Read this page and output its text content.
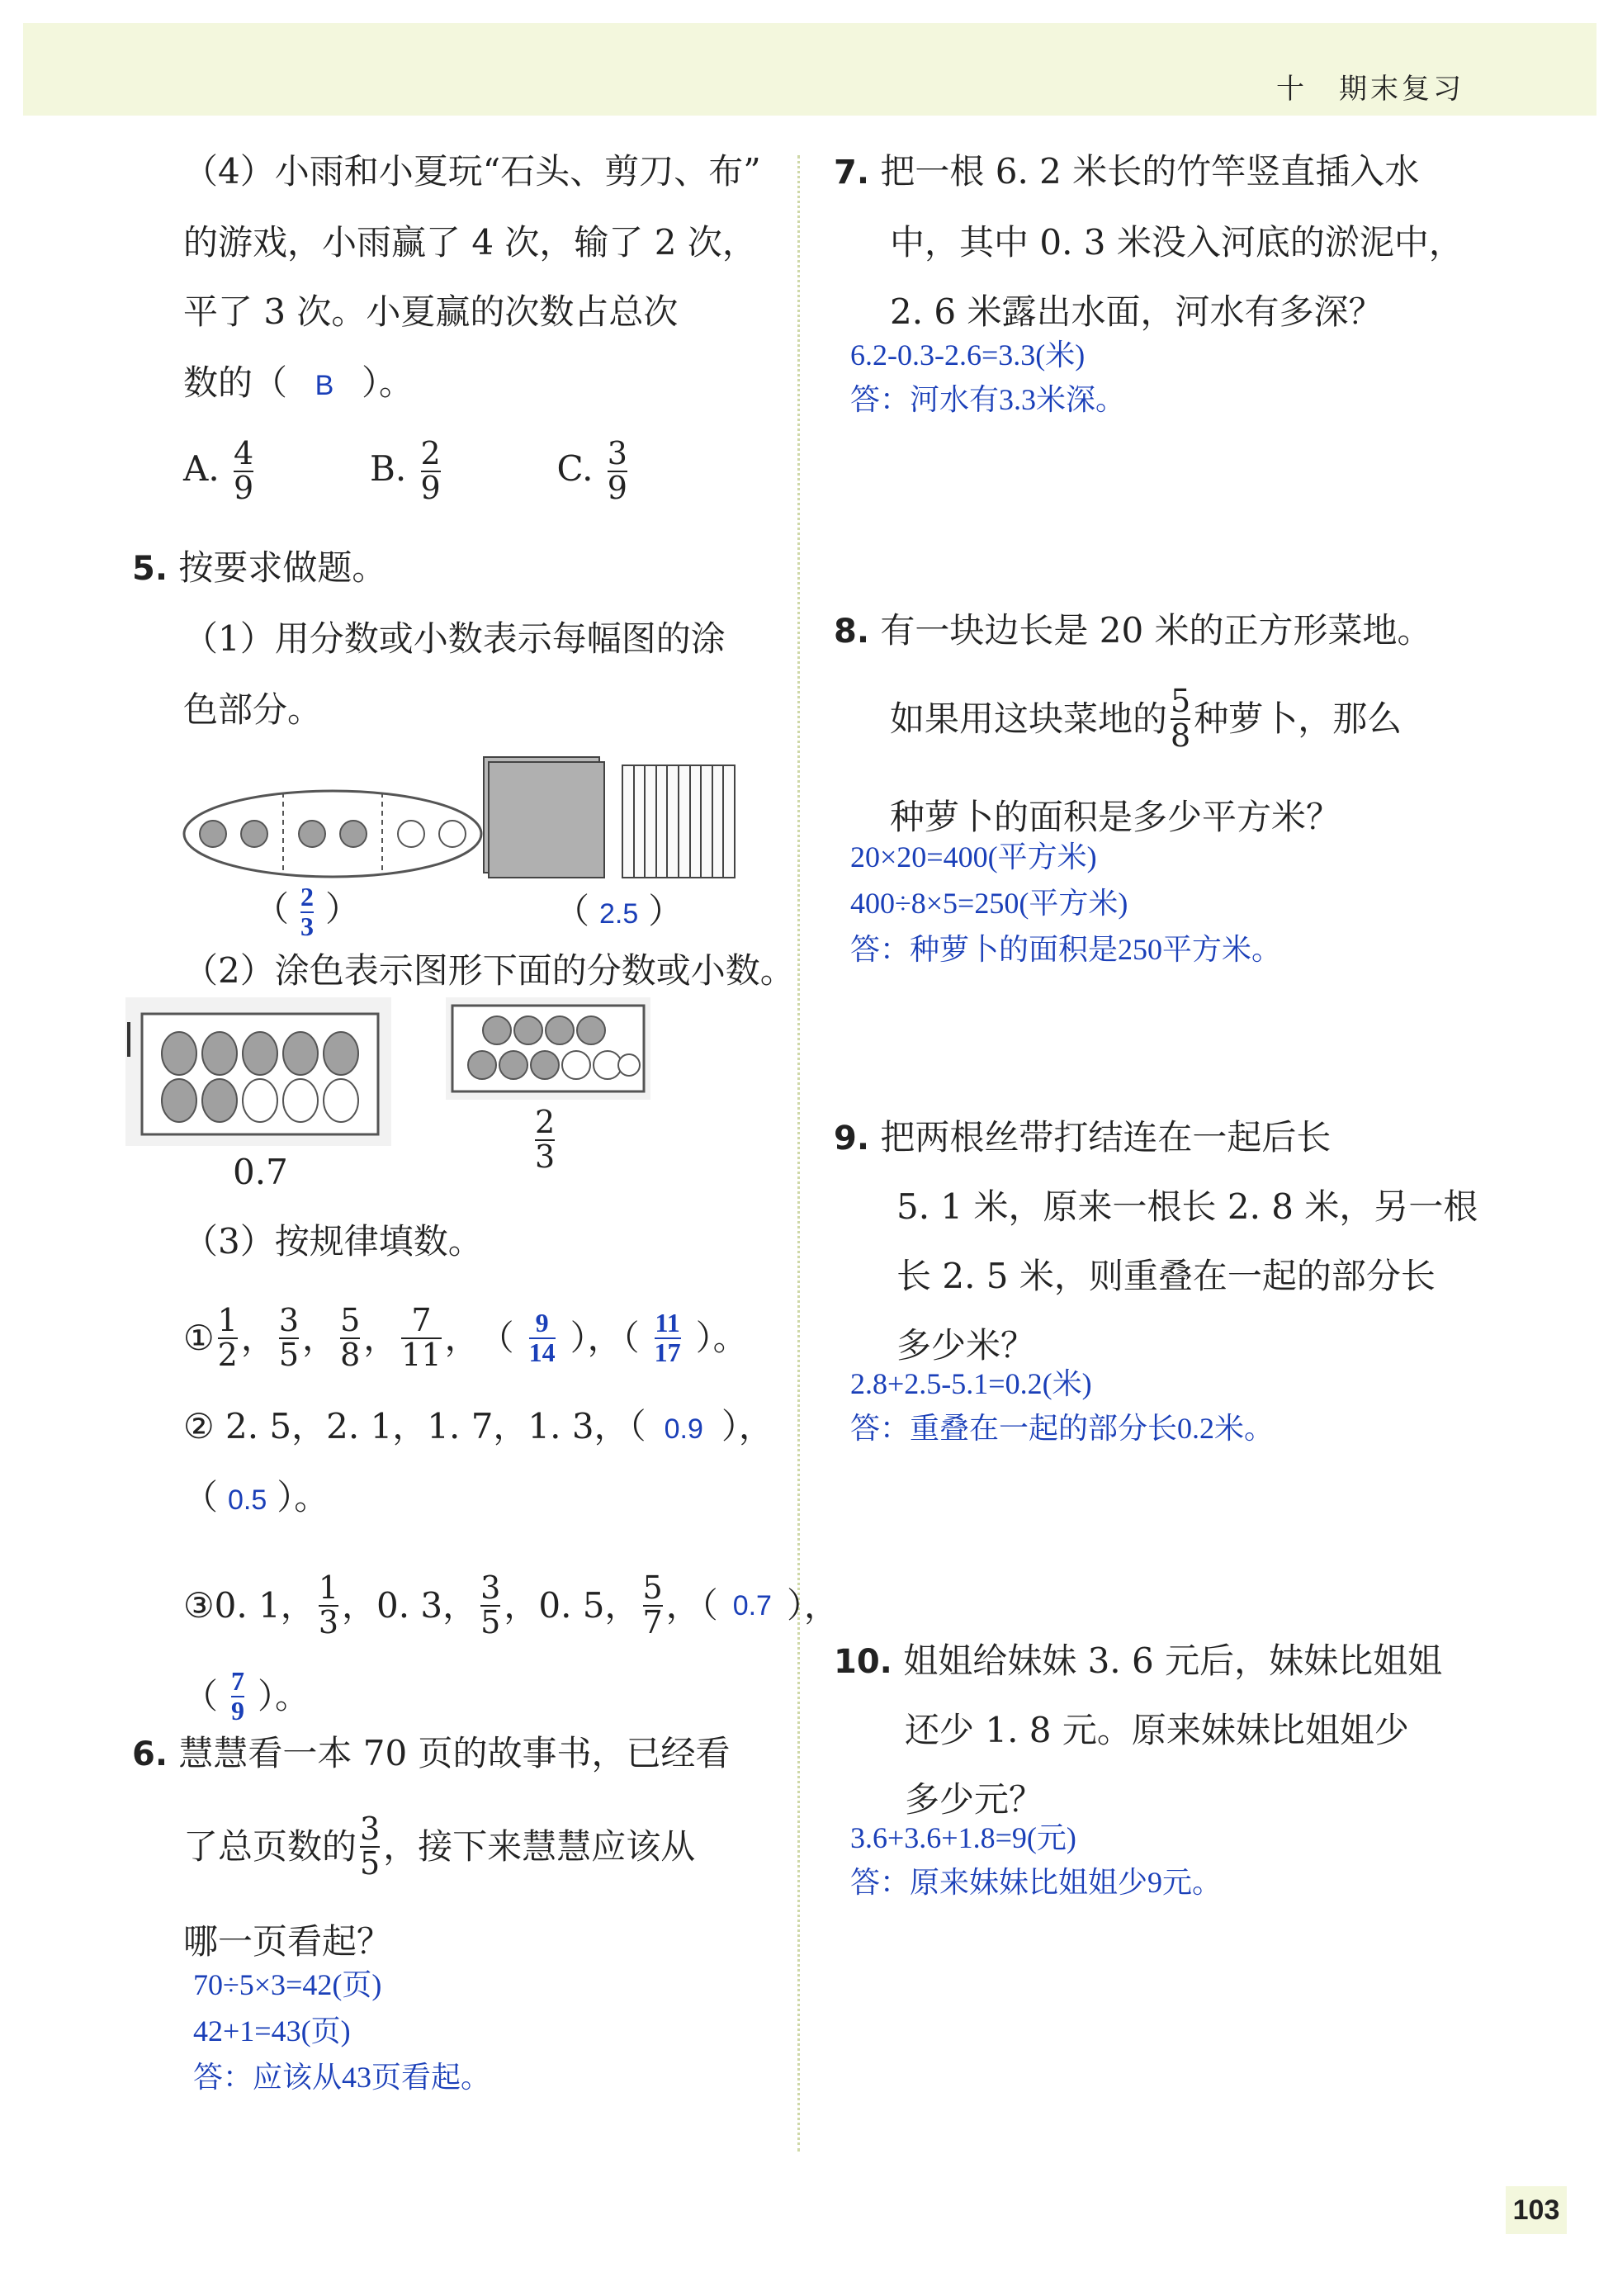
十　期末复习
（4）小雨和小夏玩“石头、剪刀、布”
的游戏，小雨赢了 4 次，输了 2 次，
平了 3 次。小夏赢的次数占总次
数的（ B ）。
A. $\frac{4}{9}$	B. $\frac{2}{9}$	C. $\frac{3}{9}$
5. 按要求做题。
（1）用分数或小数表示每幅图的涂
色部分。
（ $\frac{2}{3}$ ）	（ 2.5 ）
（2）涂色表示图形下面的分数或小数。
0.7	$\frac{2}{3}$
（3）按规律填数。
① $\frac{1}{2}$ ， $\frac{3}{5}$ ， $\frac{5}{8}$ ， $\frac{7}{11}$ ， （ $\frac{9}{14}$ ），（ $\frac{11}{17}$ ）。
② 2. 5，2. 1，1. 7，1. 3，（ 0.9 ），
（ 0.5 ）。
③ 0. 1， $\frac{1}{3}$ ，0. 3， $\frac{3}{5}$ ，0. 5， $\frac{5}{7}$ ，（ 0.7 ），
（ $\frac{7}{9}$ ）。
6. 慧慧看一本 70 页的故事书，已经看
了总页数的 $\frac{3}{5}$ ，接下来慧慧应该从
哪一页看起？
70÷5×3=42(页)
42+1=43(页)
答：应该从43页看起。
7. 把一根 6. 2 米长的竹竿竖直插入水
中，其中 0. 3 米没入河底的淤泥中，
2. 6 米露出水面，河水有多深？
6.2-0.3-2.6=3.3(米)
答：河水有3.3米深。
8. 有一块边长是 20 米的正方形菜地。
如果用这块菜地的 $\frac{5}{8}$ 种萝卜，那么
种萝卜的面积是多少平方米？
20×20=400(平方米)
400÷8×5=250(平方米)
答：种萝卜的面积是250平方米。
9. 把两根丝带打结连在一起后长
5. 1 米，原来一根长 2. 8 米，另一根
长 2. 5 米，则重叠在一起的部分长
多少米？
2.8+2.5-5.1=0.2(米)
答：重叠在一起的部分长0.2米。
10. 姐姐给妹妹 3. 6 元后，妹妹比姐姐
还少 1. 8 元。原来妹妹比姐姐少
多少元？
3.6+3.6+1.8=9(元)
答：原来妹妹比姐姐少9元。
103
